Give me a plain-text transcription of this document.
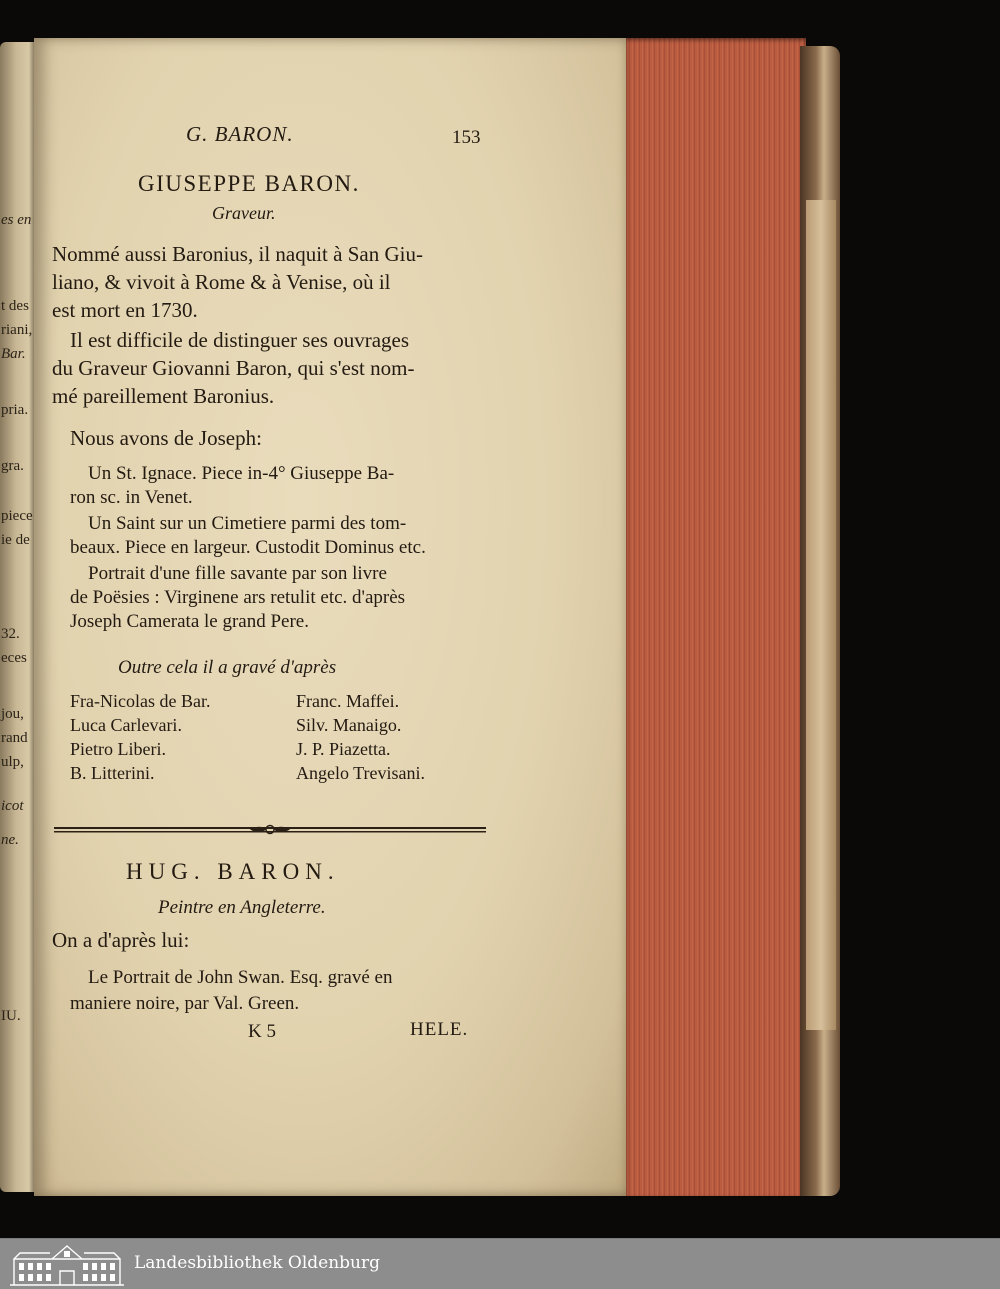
es en
t des
riani,
Bar.
pria.
gra.
piece
ie de
32.
eces
jou,
rand
ulp,
icot
ne.
IU.
G. BARON.	153
GIUSEPPE BARON.
Graveur.
Nommé aussi Baronius, il naquit à San Giu-
liano, & vivoit à Rome & à Venise, où il
est mort en 1730.
Il est difficile de distinguer ses ouvrages
du Graveur Giovanni Baron, qui s'est nom-
mé pareillement Baronius.
Nous avons de Joseph:
Un St. Ignace. Piece in-4° Giuseppe Ba-
ron sc. in Venet.
Un Saint sur un Cimetiere parmi des tom-
beaux. Piece en largeur. Custodit Dominus etc.
Portrait d'une fille savante par son livre
de Poësies : Virginene ars retulit etc. d'après
Joseph Camerata le grand Pere.
Outre cela il a gravé d'après
Fra-Nicolas de Bar.
Luca Carlevari.
Pietro Liberi.
B. Litterini.
Franc. Maffei.
Silv. Manaigo.
J. P. Piazetta.
Angelo Trevisani.
HUG. BARON.
Peintre en Angleterre.
On a d'après lui:
Le Portrait de John Swan. Esq. gravé en
maniere noire, par Val. Green.
K 5	HELE.
Landesbibliothek Oldenburg
